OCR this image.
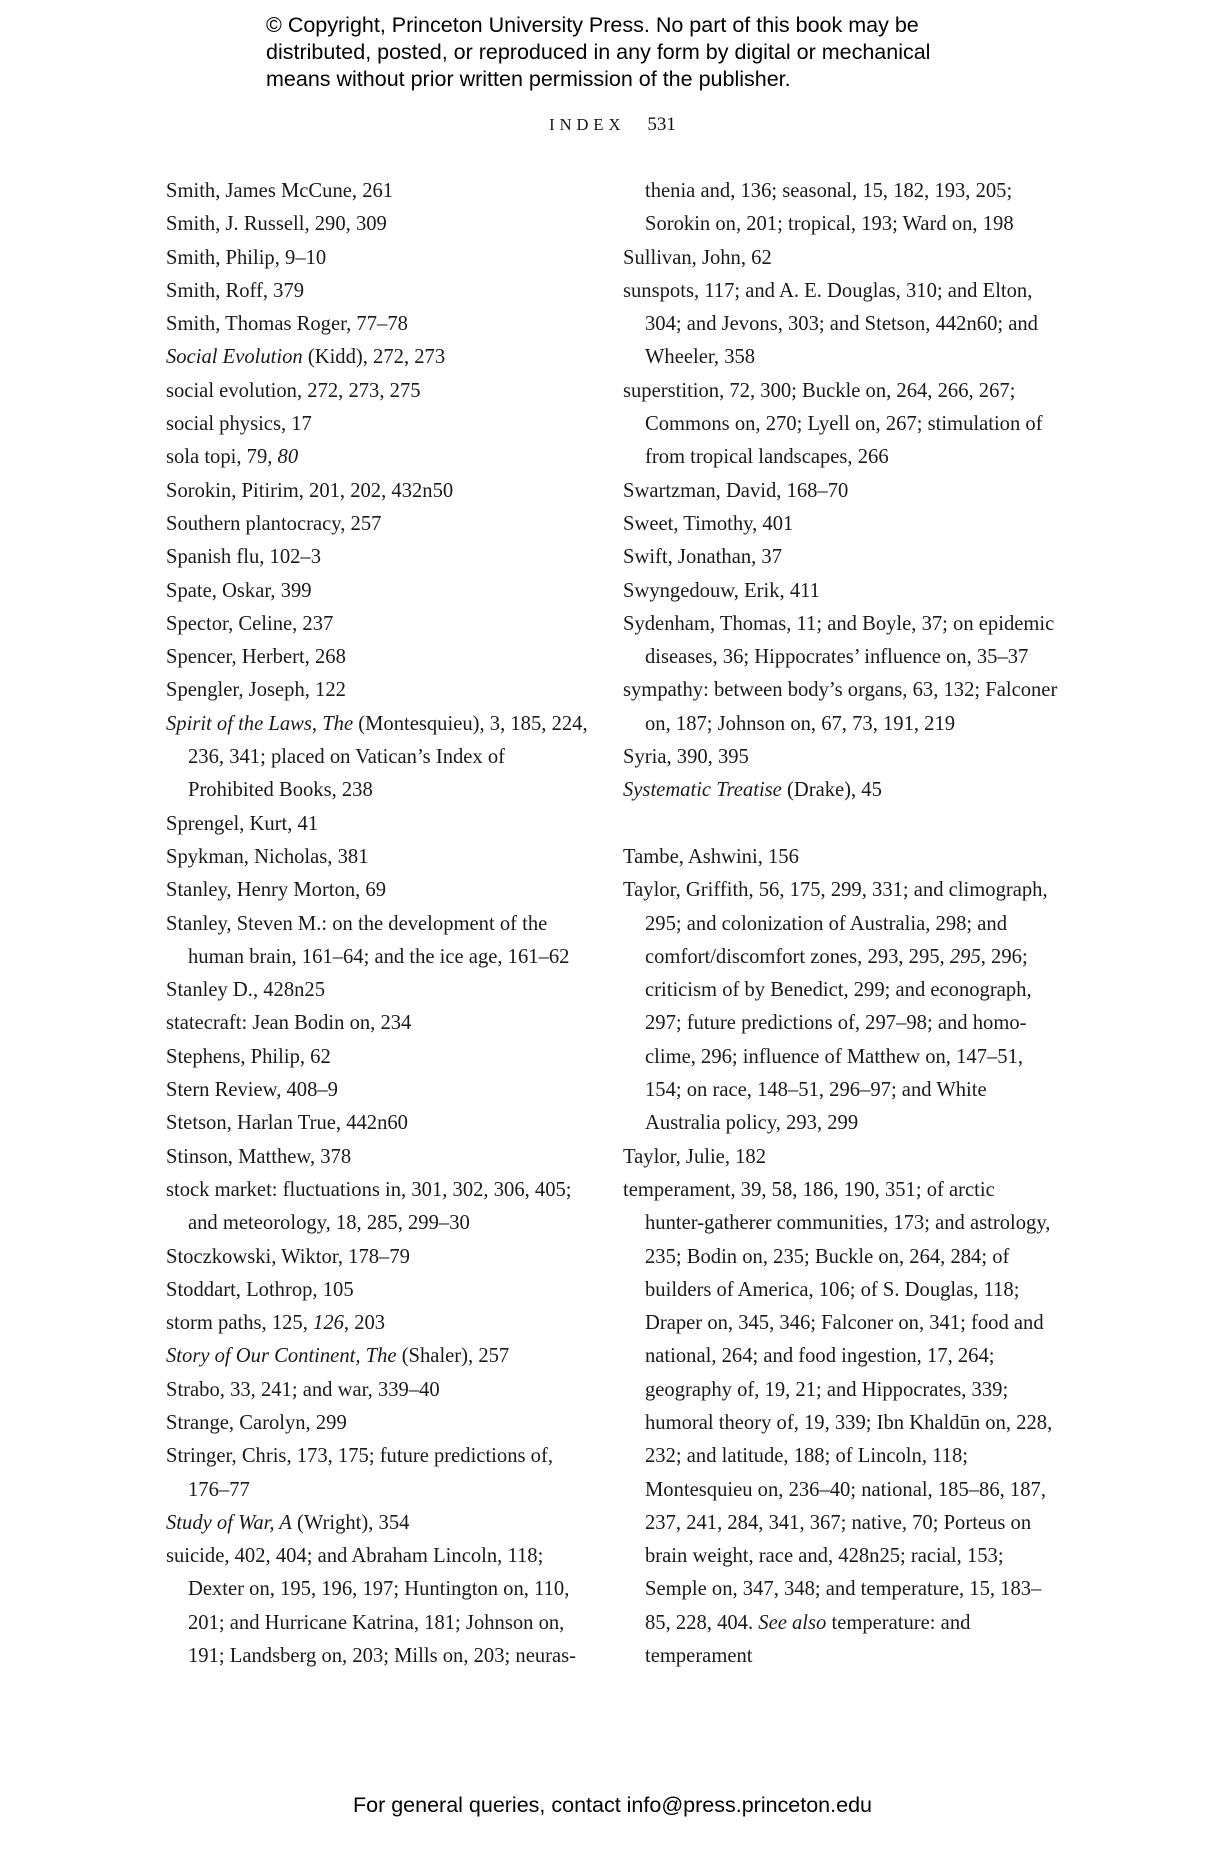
© Copyright, Princeton University Press. No part of this book may be
distributed, posted, or reproduced in any form by digital or mechanical
means without prior written permission of the publisher.
INDEX 531

Smith, James McCune, 261

Smith, J. Russell, 290, 309

Smith, Philip, 9–10

Smith, Roff, 379

Smith, Thomas Roger, 77–78

Social Evolution (Kidd), 272, 273

social evolution, 272, 273, 275

social physics, 17

sola topi, 79, 80

Sorokin, Pitirim, 201, 202, 432n50

Southern plantocracy, 257

Spanish flu, 102–3

Spate, Oskar, 399

Spector, Celine, 237

Spencer, Herbert, 268

Spengler, Joseph, 122

Spirit of the Laws, The (Montesquieu), 3, 185, 224, 236, 341; placed on Vatican’s Index of Prohibited Books, 238

Sprengel, Kurt, 41

Spykman, Nicholas, 381

Stanley, Henry Morton, 69

Stanley, Steven M.: on the development of the human brain, 161–64; and the ice age, 161–62

Stanley D., 428n25

statecraft: Jean Bodin on, 234

Stephens, Philip, 62

Stern Review, 408–9

Stetson, Harlan True, 442n60

Stinson, Matthew, 378

stock market: fluctuations in, 301, 302, 306, 405; and meteorology, 18, 285, 299–30

Stoczkowski, Wiktor, 178–79

Stoddart, Lothrop, 105

storm paths, 125, 126, 203

Story of Our Continent, The (Shaler), 257

Strabo, 33, 241; and war, 339–40

Strange, Carolyn, 299

Stringer, Chris, 173, 175; future predictions of, 176–77

Study of War, A (Wright), 354

suicide, 402, 404; and Abraham Lincoln, 118; Dexter on, 195, 196, 197; Huntington on, 110, 201; and Hurricane Katrina, 181; Johnson on, 191; Landsberg on, 203; Mills on, 203; neuras-

thenia and, 136; seasonal, 15, 182, 193, 205; Sorokin on, 201; tropical, 193; Ward on, 198

Sullivan, John, 62

sunspots, 117; and A. E. Douglas, 310; and Elton, 304; and Jevons, 303; and Stetson, 442n60; and Wheeler, 358

superstition, 72, 300; Buckle on, 264, 266, 267; Commons on, 270; Lyell on, 267; stimulation of from tropical landscapes, 266

Swartzman, David, 168–70

Sweet, Timothy, 401

Swift, Jonathan, 37

Swyngedouw, Erik, 411

Sydenham, Thomas, 11; and Boyle, 37; on epidemic diseases, 36; Hippocrates’ influence on, 35–37

sympathy: between body’s organs, 63, 132; Falconer on, 187; Johnson on, 67, 73, 191, 219

Syria, 390, 395

Systematic Treatise (Drake), 45

Tambe, Ashwini, 156

Taylor, Griffith, 56, 175, 299, 331; and climograph, 295; and colonization of Australia, 298; and comfort/discomfort zones, 293, 295, 295, 296; criticism of by Benedict, 299; and econograph, 297; future predictions of, 297–98; and homo-clime, 296; influence of Matthew on, 147–51, 154; on race, 148–51, 296–97; and White Australia policy, 293, 299

Taylor, Julie, 182

temperament, 39, 58, 186, 190, 351; of arctic hunter-gatherer communities, 173; and astrology, 235; Bodin on, 235; Buckle on, 264, 284; of builders of America, 106; of S. Douglas, 118; Draper on, 345, 346; Falconer on, 341; food and national, 264; and food ingestion, 17, 264; geography of, 19, 21; and Hippocrates, 339; humoral theory of, 19, 339; Ibn Khaldūn on, 228, 232; and latitude, 188; of Lincoln, 118; Montesquieu on, 236–40; national, 185–86, 187, 237, 241, 284, 341, 367; native, 70; Porteus on brain weight, race and, 428n25; racial, 153; Semple on, 347, 348; and temperature, 15, 183–85, 228, 404. See also temperature: and temperament

For general queries, contact info@press.princeton.edu
